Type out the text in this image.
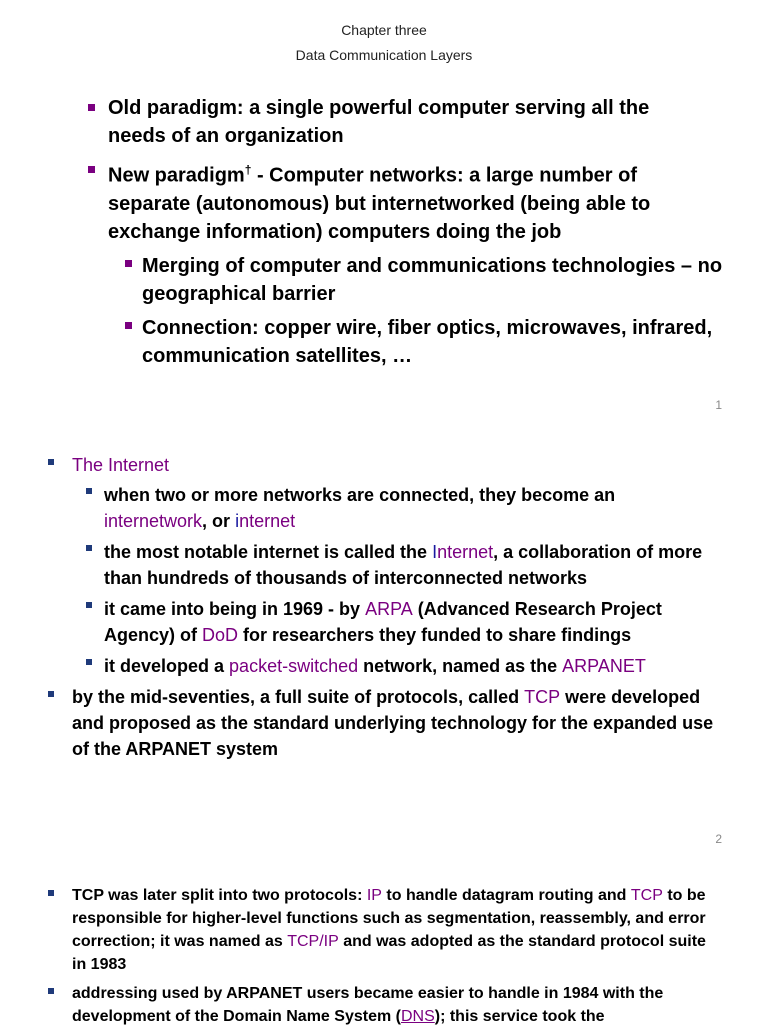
Chapter three
Data Communication Layers
Old paradigm: a single powerful computer serving all the needs of an organization
New paradigm† - Computer networks: a large number of separate (autonomous) but internetworked (being able to exchange information) computers doing the job
Merging of computer and communications technologies – no geographical barrier
Connection: copper wire, fiber optics, microwaves, infrared, communication satellites, …
1
The Internet
when two or more networks are connected, they become an internetwork, or internet
the most notable internet is called the Internet, a collaboration of more than hundreds of thousands of interconnected networks
it came into being in 1969 - by ARPA (Advanced Research Project Agency) of DoD for researchers they funded to share findings
it developed a packet-switched network, named as the ARPANET
by the mid-seventies, a full suite of protocols, called TCP were developed and proposed as the standard underlying technology for the expanded use of the ARPANET system
2
TCP was later split into two protocols: IP to handle datagram routing and TCP to be responsible for higher-level functions such as segmentation, reassembly, and error correction; it was named as TCP/IP and was adopted as the standard protocol suite in 1983
addressing used by ARPANET users became easier to handle in 1984 with the development of the Domain Name System (DNS); this service took the
